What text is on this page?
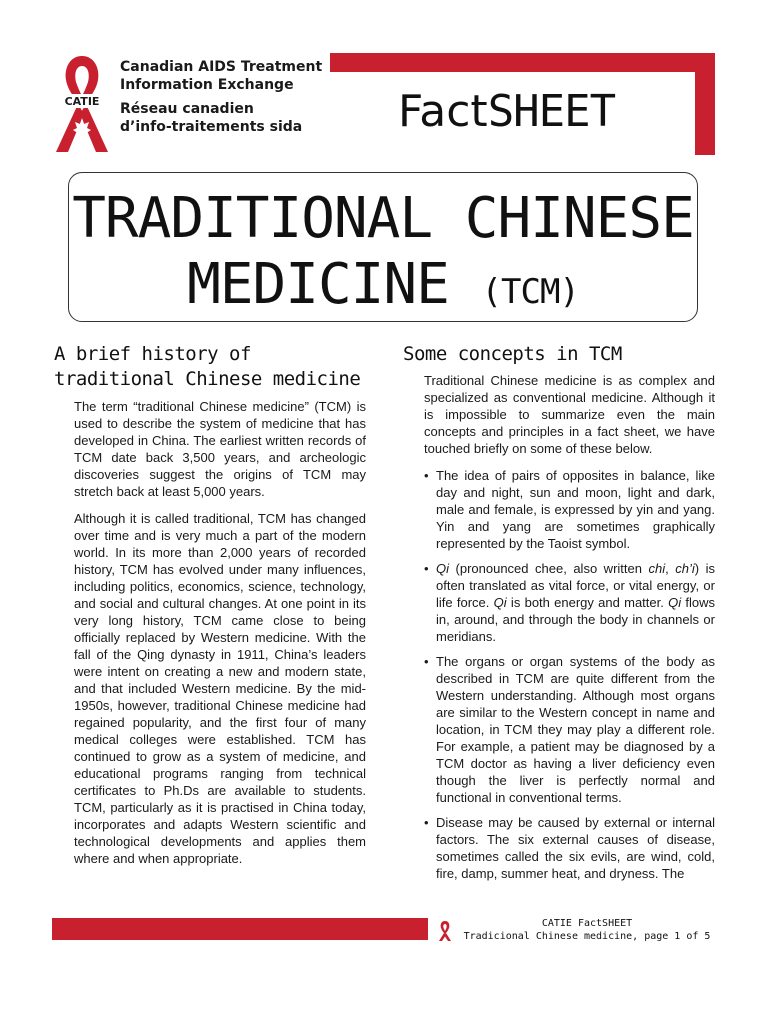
CATIE
Canadian AIDS Treatment
Information Exchange
Réseau canadien
d’info-traitements sida	FactSHEET
TRADITIONAL CHINESE
MEDICINE (TCM)
A brief history of
traditional Chinese medicine

The term “traditional Chinese medicine” (TCM) is used to describe the system of medicine that has developed in China. The earliest written records of TCM date back 3,500 years, and archeologic discoveries suggest the origins of TCM may stretch back at least 5,000 years.

Although it is called traditional, TCM has changed over time and is very much a part of the modern world. In its more than 2,000 years of recorded history, TCM has evolved under many influences, including politics, economics, science, technology, and social and cultural changes. At one point in its very long history, TCM came close to being officially replaced by Western medicine. With the fall of the Qing dynasty in 1911, China’s leaders were intent on creating a new and modern state, and that included Western medicine. By the mid-1950s, however, traditional Chinese medicine had regained popularity, and the first four of many medical colleges were established. TCM has continued to grow as a system of medicine, and educational programs ranging from technical certificates to Ph.Ds are available to students. TCM, particularly as it is practised in China today, incorporates and adapts Western scientific and technological developments and applies them where and when appropriate.

Some concepts in TCM

Traditional Chinese medicine is as complex and specialized as conventional medicine. Although it is impossible to summarize even the main concepts and principles in a fact sheet, we have touched briefly on some of these below.

• The idea of pairs of opposites in balance, like day and night, sun and moon, light and dark, male and female, is expressed by yin and yang. Yin and yang are sometimes graphically represented by the Taoist symbol.
• Qi (pronounced chee, also written chi, ch’i) is often translated as vital force, or vital energy, or life force. Qi is both energy and matter. Qi flows in, around, and through the body in channels or meridians.
• The organs or organ systems of the body as described in TCM are quite different from the Western understanding. Although most organs are similar to the Western concept in name and location, in TCM they may play a different role. For example, a patient may be diagnosed by a TCM doctor as having a liver deficiency even though the liver is perfectly normal and functional in conventional terms.
• Disease may be caused by external or internal factors. The six external causes of disease, sometimes called the six evils, are wind, cold, fire, damp, summer heat, and dryness. The
CATIE FactSHEET
Tradicional Chinese medicine, page 1 of 5
